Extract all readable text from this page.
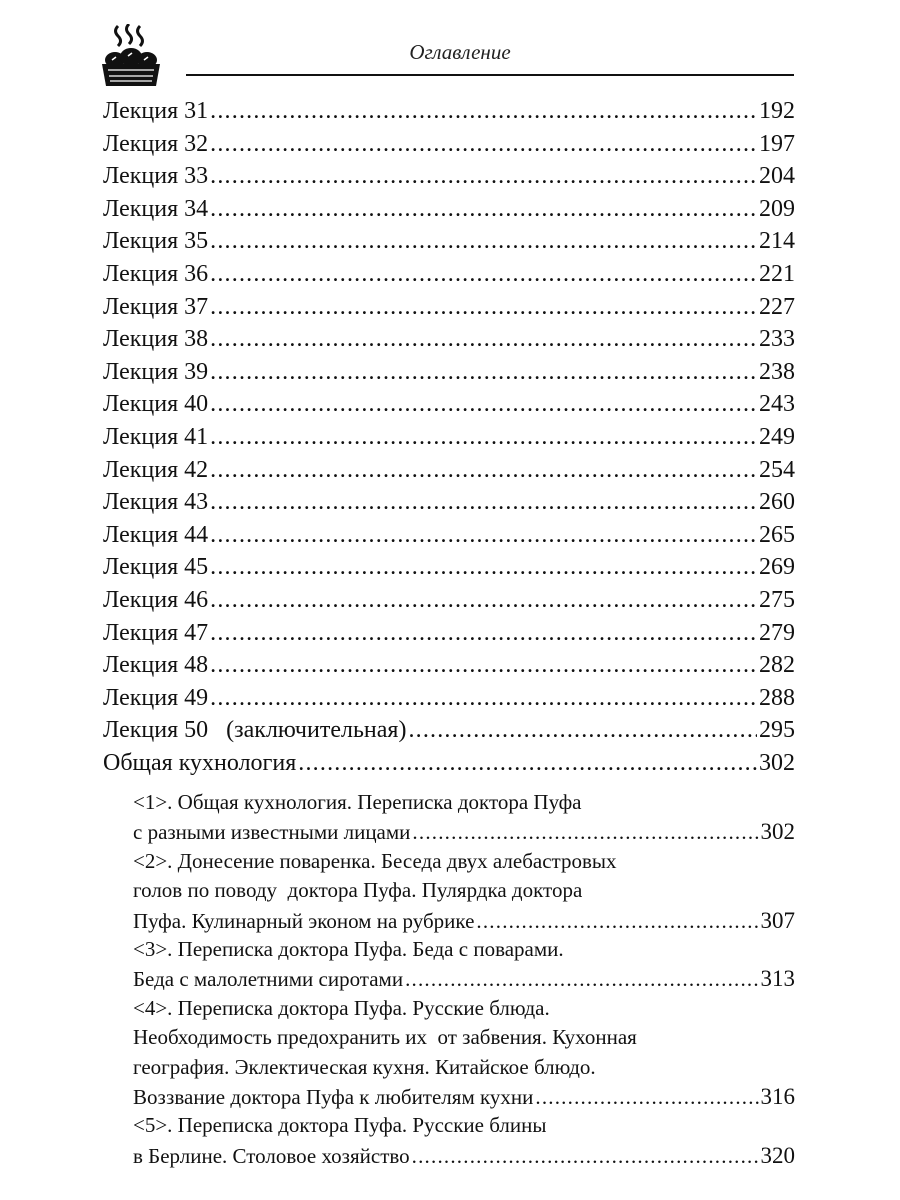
Оглавление
Лекция 31 .....	192
Лекция 32 .....	197
Лекция 33 .....	204
Лекция 34 .....	209
Лекция 35 .....	214
Лекция 36 .....	221
Лекция 37 .....	227
Лекция 38 .....	233
Лекция 39 .....	238
Лекция 40 .....	243
Лекция 41 .....	249
Лекция 42 .....	254
Лекция 43 .....	260
Лекция 44 .....	265
Лекция 45 .....	269
Лекция 46 .....	275
Лекция 47 .....	279
Лекция 48 .....	282
Лекция 49 .....	288
Лекция 50   (заключительная) .....	295
Общая кухнология .....	302
<1>. Общая кухнология. Переписка доктора Пуфа
с разными известными лицами .....	302
<2>. Донесение поваренка. Беседа двух алебастровых
голов по поводу  доктора Пуфа. Пулярдка доктора
Пуфа. Кулинарный эконом на рубрике .....	307
<3>. Переписка доктора Пуфа. Беда с поварами.
Беда с малолетними сиротами .....	313
<4>. Переписка доктора Пуфа. Русские блюда.
Необходимость предохранить их  от забвения. Кухонная
география. Эклектическая кухня. Китайское блюдо.
Воззвание доктора Пуфа к любителям кухни .....	316
<5>. Переписка доктора Пуфа. Русские блины
в Берлине. Столовое хозяйство .....	320
